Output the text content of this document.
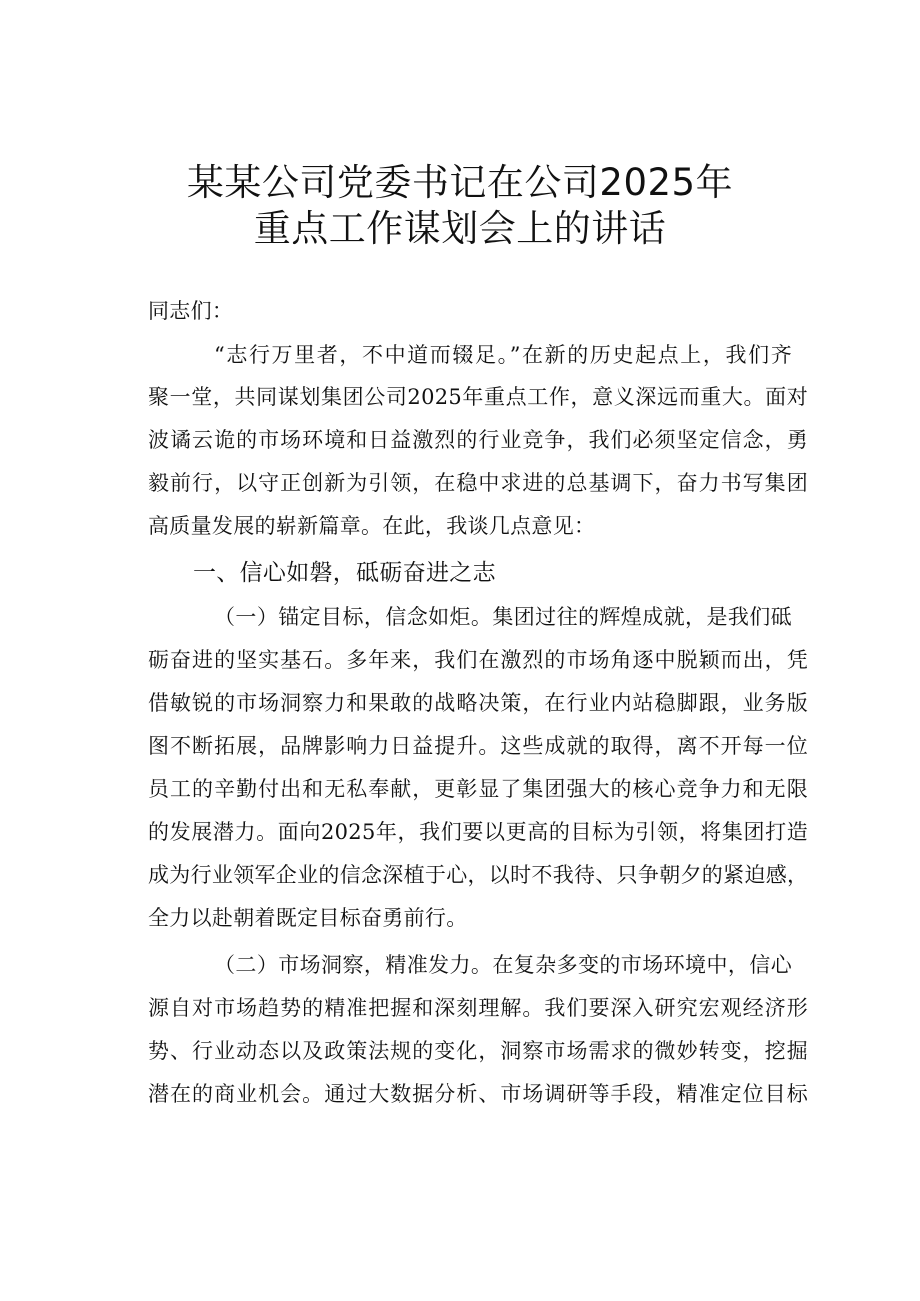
某某公司党委书记在公司2025年
重点工作谋划会上的讲话
同志们：
“志行万里者，不中道而辍足。”在新的历史起点上，我们齐
聚一堂，共同谋划集团公司2025年重点工作，意义深远而重大。面对
波谲云诡的市场环境和日益激烈的行业竞争，我们必须坚定信念，勇
毅前行，以守正创新为引领，在稳中求进的总基调下，奋力书写集团
高质量发展的崭新篇章。在此，我谈几点意见：
一、信心如磐，砥砺奋进之志
（一）锚定目标，信念如炬。集团过往的辉煌成就，是我们砥
砺奋进的坚实基石。多年来，我们在激烈的市场角逐中脱颖而出，凭
借敏锐的市场洞察力和果敢的战略决策，在行业内站稳脚跟，业务版
图不断拓展，品牌影响力日益提升。这些成就的取得，离不开每一位
员工的辛勤付出和无私奉献，更彰显了集团强大的核心竞争力和无限
的发展潜力。面向2025年，我们要以更高的目标为引领，将集团打造
成为行业领军企业的信念深植于心，以时不我待、只争朝夕的紧迫感，
全力以赴朝着既定目标奋勇前行。
（二）市场洞察，精准发力。在复杂多变的市场环境中，信心
源自对市场趋势的精准把握和深刻理解。我们要深入研究宏观经济形
势、行业动态以及政策法规的变化，洞察市场需求的微妙转变，挖掘
潜在的商业机会。通过大数据分析、市场调研等手段，精准定位目标
